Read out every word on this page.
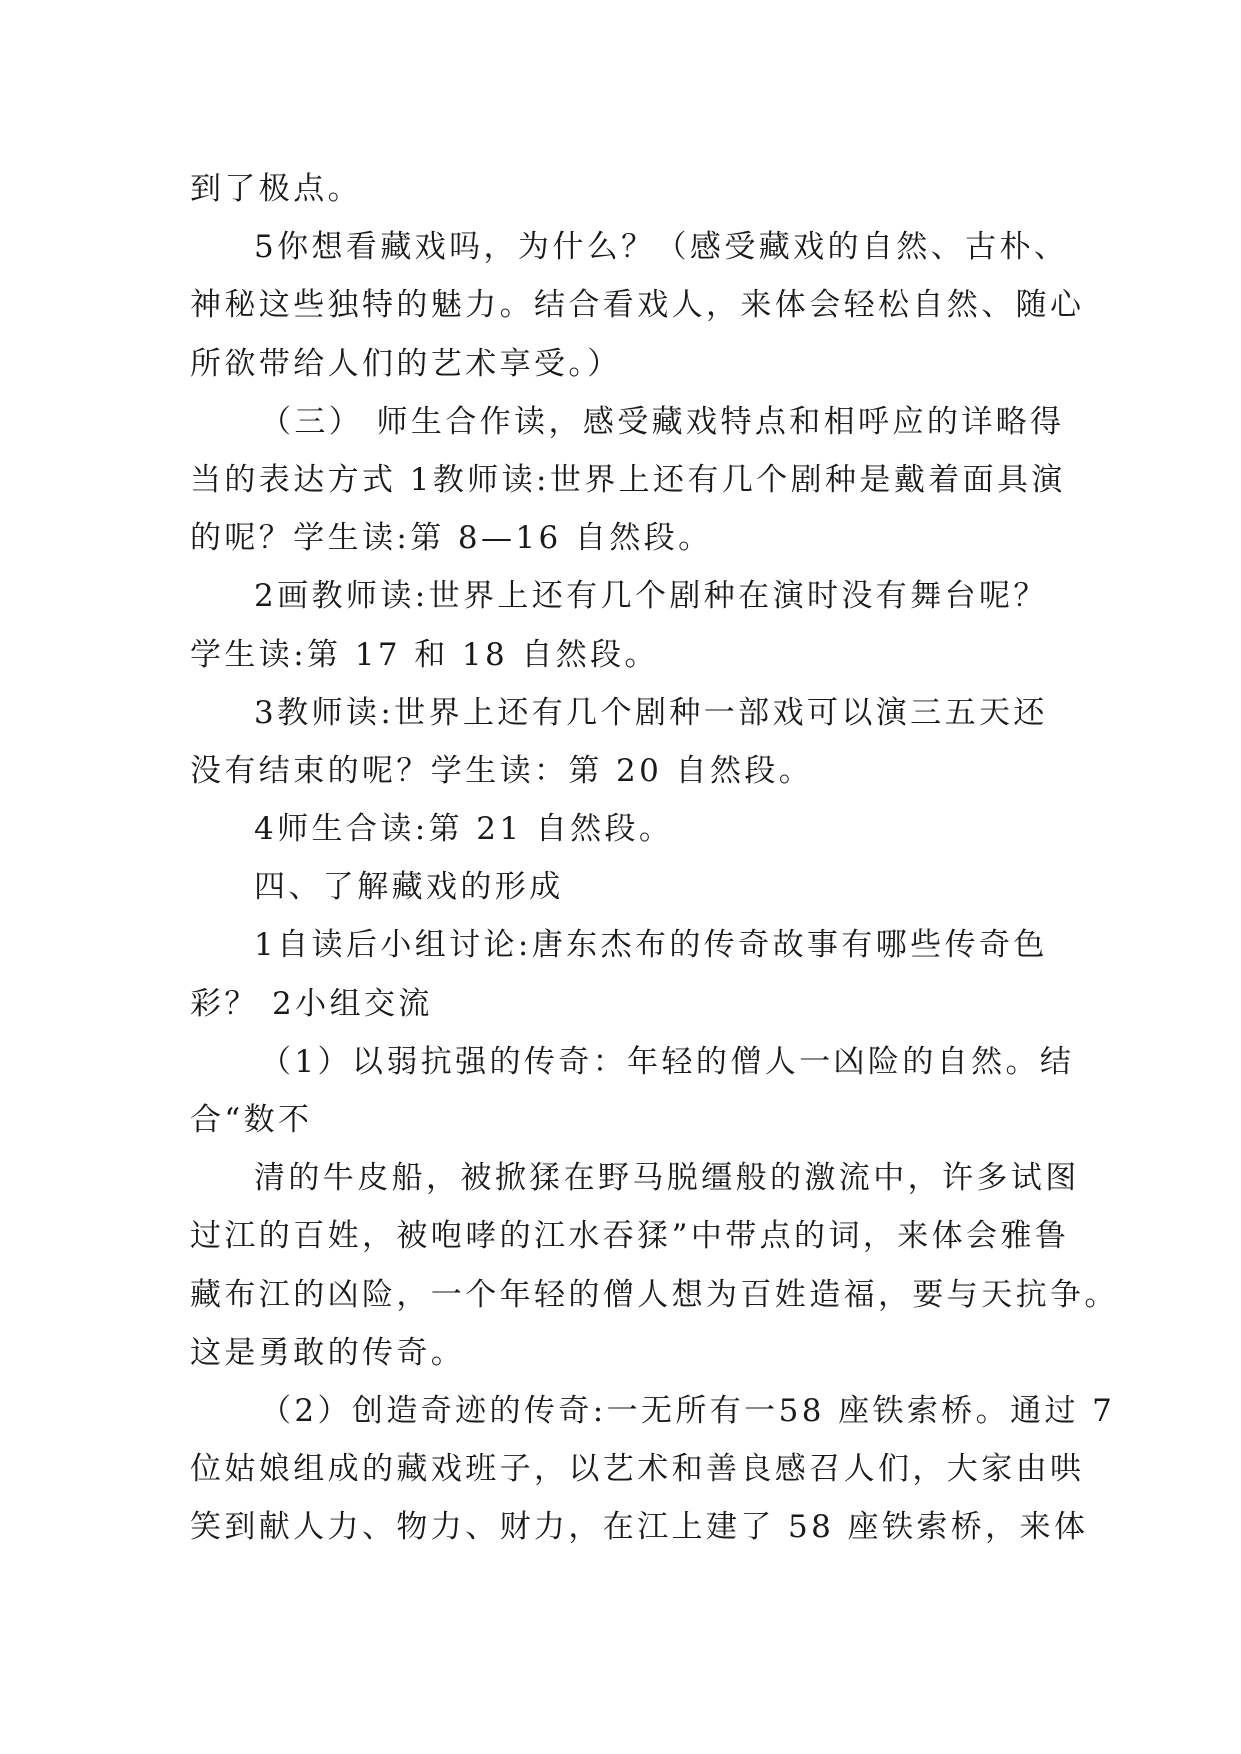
到了极点。
5你想看藏戏吗，为什么？（感受藏戏的自然、古朴、
神秘这些独特的魅力。结合看戏人，来体会轻松自然、随心
所欲带给人们的艺术享受。）
（三） 师生合作读，感受藏戏特点和相呼应的详略得
当的表达方式 1教师读:世界上还有几个剧种是戴着面具演
的呢？学生读:第 8—16 自然段。
2画教师读:世界上还有几个剧种在演时没有舞台呢？
学生读:第 17 和 18 自然段。
3教师读:世界上还有几个剧种一部戏可以演三五天还
没有结束的呢？学生读：第 20 自然段。
4师生合读:第 21 自然段。
四、了解藏戏的形成
1自读后小组讨论:唐东杰布的传奇故事有哪些传奇色
彩？ 2小组交流
（1）以弱抗强的传奇：年轻的僧人一凶险的自然。结
合“数不
清的牛皮船，被掀猱在野马脱缰般的激流中，许多试图
过江的百姓，被咆哮的江水吞猱”中带点的词，来体会雅鲁
藏布江的凶险，一个年轻的僧人想为百姓造福，要与天抗争。
这是勇敢的传奇。
（2）创造奇迹的传奇:一无所有一58 座铁索桥。通过 7
位姑娘组成的藏戏班子，以艺术和善良感召人们，大家由哄
笑到献人力、物力、财力，在江上建了 58 座铁索桥，来体
